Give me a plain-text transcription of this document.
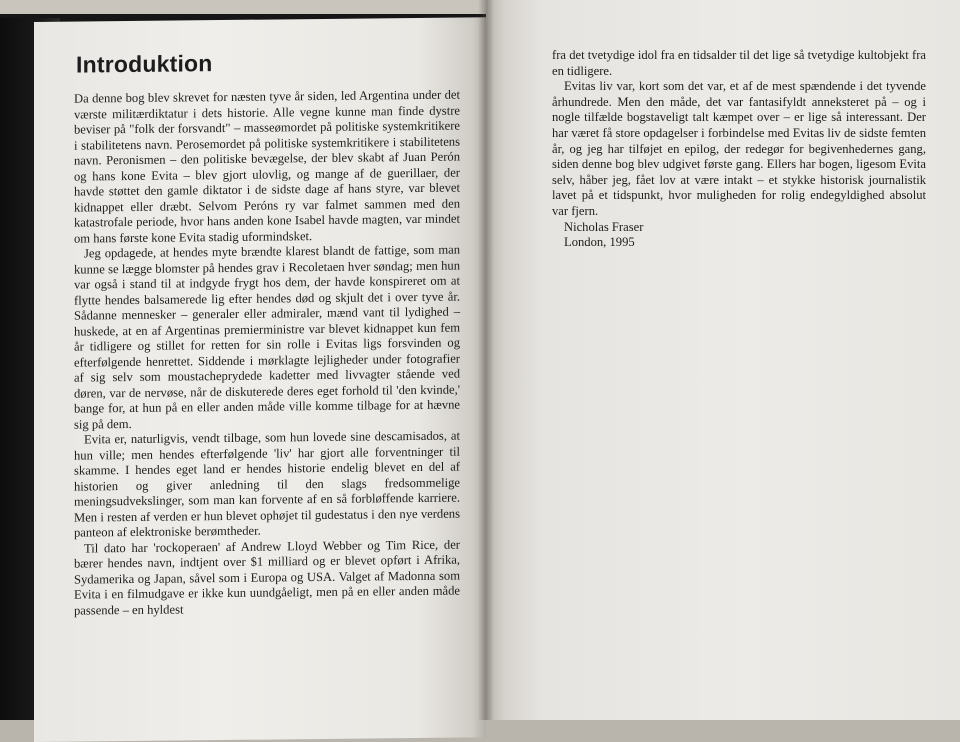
Introduktion

Da denne bog blev skrevet for næsten tyve år siden, led Argentina under det værste militærdiktatur i dets historie. Alle vegne kunne man finde dystre beviser på "folk der forsvandt" – masseømordet på politiske systemkritikere i stabilitetens navn. Perosemordet på politiske systemkritikere i stabilitetens navn. Peronismen – den politiske bevægelse, der blev skabt af Juan Perón og hans kone Evita – blev gjort ulovlig, og mange af de guerillaer, der havde støttet den gamle diktator i de sidste dage af hans styre, var blevet kidnappet eller dræbt. Selvom Peróns ry var falmet sammen med den katastrofale periode, hvor hans anden kone Isabel havde magten, var mindet om hans første kone Evita stadig uformindsket.

Jeg opdagede, at hendes myte brændte klarest blandt de fattige, som man kunne se lægge blomster på hendes grav i Recoletaen hver søndag; men hun var også i stand til at indgyde frygt hos dem, der havde konspireret om at flytte hendes balsamerede lig efter hendes død og skjult det i over tyve år. Sådanne mennesker – generaler eller admiraler, mænd vant til lydighed – huskede, at en af Argentinas premierministre var blevet kidnappet kun fem år tidligere og stillet for retten for sin rolle i Evitas ligs forsvinden og efterfølgende henrettet. Siddende i mørklagte lejligheder under fotografier af sig selv som moustacheprydede kadetter med livvagter stående ved døren, var de nervøse, når de diskuterede deres eget forhold til 'den kvinde,' bange for, at hun på en eller anden måde ville komme tilbage for at hævne sig på dem.

Evita er, naturligvis, vendt tilbage, som hun lovede sine descamisados, at hun ville; men hendes efterfølgende 'liv' har gjort alle forventninger til skamme. I hendes eget land er hendes historie endelig blevet en del af historien og giver anledning til den slags fredsommelige meningsudvekslinger, som man kan forvente af en så forbløffende karriere. Men i resten af verden er hun blevet ophøjet til gudestatus i den nye verdens panteon af elektroniske berømtheder.

Til dato har 'rockoperaen' af Andrew Lloyd Webber og Tim Rice, der bærer hendes navn, indtjent over $1 milliard og er blevet opført i Afrika, Sydamerika og Japan, såvel som i Europa og USA. Valget af Madonna som Evita i en filmudgave er ikke kun uundgåeligt, men på en eller anden måde passende – en hyldest

fra det tvetydige idol fra en tidsalder til det lige så tvetydige kultobjekt fra en tidligere.

Evitas liv var, kort som det var, et af de mest spændende i det tyvende århundrede. Men den måde, det var fantasifyldt anneksteret på – og i nogle tilfælde bogstaveligt talt kæmpet over – er lige så interessant. Der har været få store opdagelser i forbindelse med Evitas liv de sidste femten år, og jeg har tilføjet en epilog, der redegør for begivenhedernes gang, siden denne bog blev udgivet første gang. Ellers har bogen, ligesom Evita selv, håber jeg, fået lov at være intakt – et stykke historisk journalistik lavet på et tidspunkt, hvor muligheden for rolig endegyldighed absolut var fjern.

Nicholas Fraser

London, 1995
